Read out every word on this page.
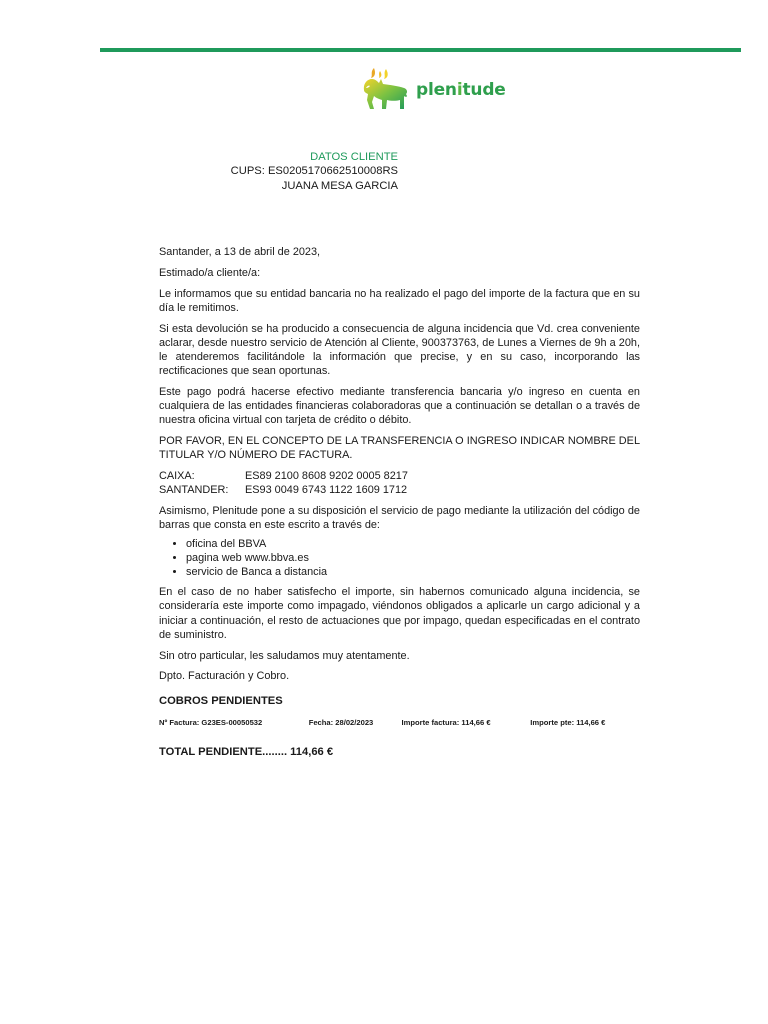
plenitude
DATOS CLIENTE
CUPS: ES0205170662510008RS
JUANA MESA GARCIA

Santander, a 13 de abril de 2023,

Estimado/a cliente/a:

Le informamos que su entidad bancaria no ha realizado el pago del importe de la factura que en su día le remitimos.

Si esta devolución se ha producido a consecuencia de alguna incidencia que Vd. crea conveniente aclarar, desde nuestro servicio de Atención al Cliente, 900373763, de Lunes a Viernes de 9h a 20h, le atenderemos facilitándole la información que precise, y en su caso, incorporando las rectificaciones que sean oportunas.

Este pago podrá hacerse efectivo mediante transferencia bancaria y/o ingreso en cuenta en cualquiera de las entidades financieras colaboradoras que a continuación se detallan o a través de nuestra oficina virtual con tarjeta de crédito o débito.

POR FAVOR, EN EL CONCEPTO DE LA TRANSFERENCIA O INGRESO INDICAR NOMBRE DEL TITULAR Y/O NÚMERO DE FACTURA.

CAIXA:	ES89 2100 8608 9202 0005 8217
SANTANDER:	ES93 0049 6743 1122 1609 1712

Asimismo, Plenitude pone a su disposición el servicio de pago mediante la utilización del código de barras que consta en este escrito a través de:

• oficina del BBVA
• pagina web www.bbva.es
• servicio de Banca a distancia

En el caso de no haber satisfecho el importe, sin habernos comunicado alguna incidencia, se consideraría este importe como impagado, viéndonos obligados a aplicarle un cargo adicional y a iniciar a continuación, el resto de actuaciones que por impago, quedan especificadas en el contrato de suministro.

Sin otro particular, les saludamos muy atentamente.

Dpto. Facturación y Cobro.

COBROS PENDIENTES
Nº Factura: G23ES-00050532	Fecha: 28/02/2023	Importe factura: 114,66 €	Importe pte: 114,66 €
TOTAL PENDIENTE........ 114,66 €
